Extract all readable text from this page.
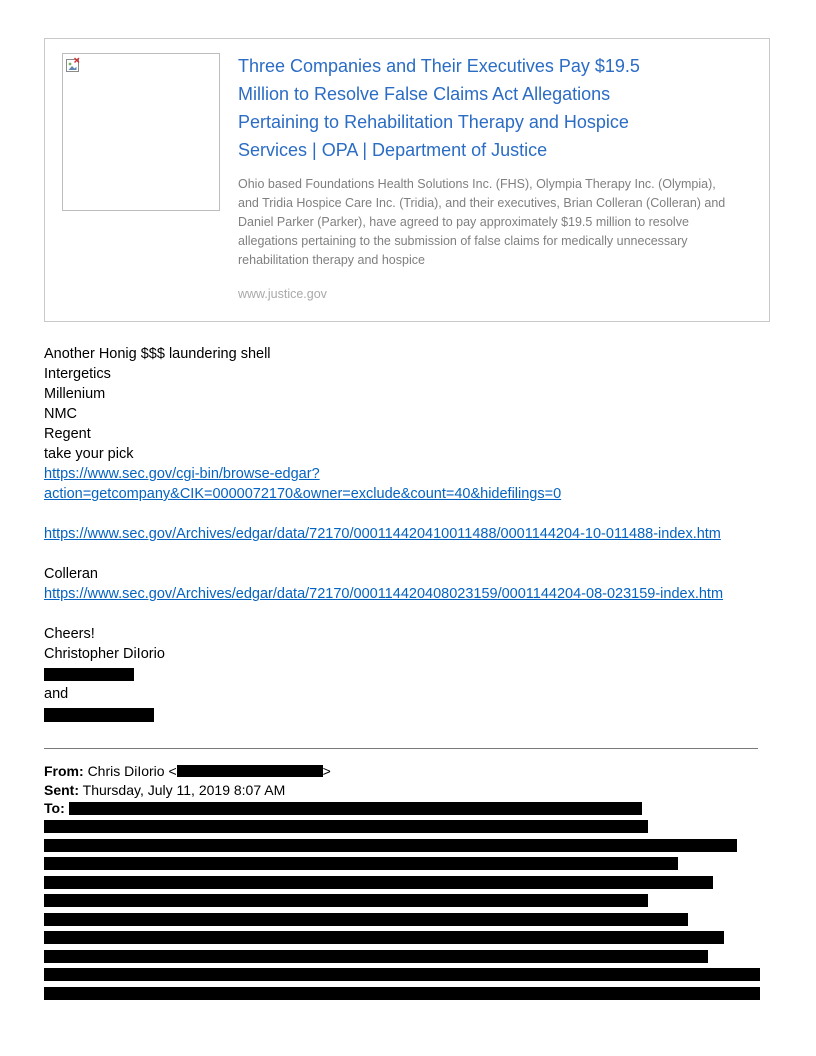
Three Companies and Their Executives Pay $19.5 Million to Resolve False Claims Act Allegations Pertaining to Rehabilitation Therapy and Hospice Services | OPA | Department of Justice

Ohio based Foundations Health Solutions Inc. (FHS), Olympia Therapy Inc. (Olympia), and Tridia Hospice Care Inc. (Tridia), and their executives, Brian Colleran (Colleran) and Daniel Parker (Parker), have agreed to pay approximately $19.5 million to resolve allegations pertaining to the submission of false claims for medically unnecessary rehabilitation therapy and hospice

www.justice.gov

Another Honig $$$ laundering shell

Intergetics

Millenium

NMC

Regent

take your pick

https://www.sec.gov/cgi-bin/browse-edgar?
action=getcompany&CIK=0000072170&owner=exclude&count=40&hidefilings=0
https://www.sec.gov/Archives/edgar/data/72170/000114420410011488/0001144204-10-011488-index.htm

Colleran

https://www.sec.gov/Archives/edgar/data/72170/000114420408023159/0001144204-08-023159-index.htm

Cheers!

Christopher DiIorio

and

From: Chris DiIorio <	>

Sent: Thursday, July 11, 2019 8:07 AM

To:
